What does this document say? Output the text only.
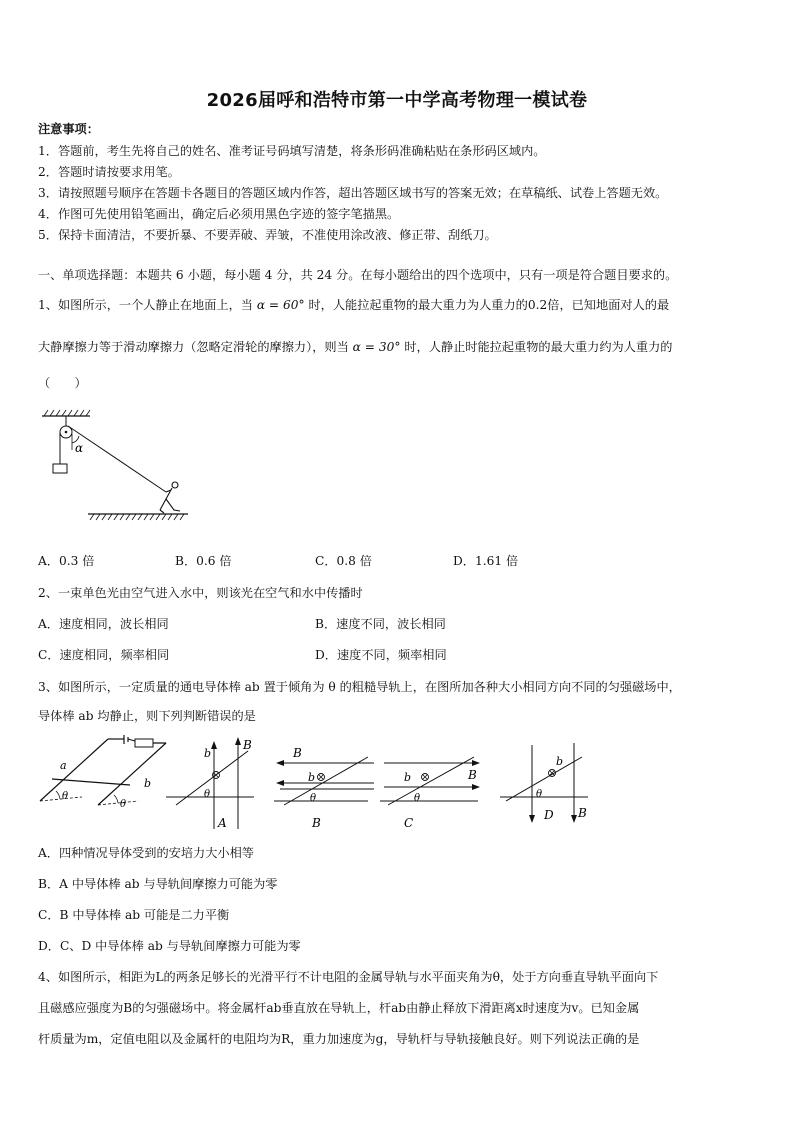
2026届呼和浩特市第一中学高考物理一模试卷
注意事项：
1．答题前，考生先将自己的姓名、准考证号码填写清楚，将条形码准确粘贴在条形码区域内。
2．答题时请按要求用笔。
3．请按照题号顺序在答题卡各题目的答题区域内作答，超出答题区域书写的答案无效；在草稿纸、试卷上答题无效。
4．作图可先使用铅笔画出，确定后必须用黑色字迹的签字笔描黑。
5．保持卡面清洁，不要折暴、不要弄破、弄皱，不准使用涂改液、修正带、刮纸刀。
一、单项选择题：本题共 6 小题，每小题 4 分，共 24 分。在每小题给出的四个选项中，只有一项是符合题目要求的。
1、如图所示，一个人静止在地面上，当 α = 60° 时，人能拉起重物的最大重力为人重力的0.2倍，已知地面对人的最
大静摩擦力等于滑动摩擦力（忽略定滑轮的摩擦力），则当 α = 30° 时，人静止时能拉起重物的最大重力约为人重力的
（　　）
α
A．0.3 倍	B．0.6 倍	C．0.8 倍	D．1.61 倍
2、一束单色光由空气进入水中，则该光在空气和水中传播时
A．速度相同，波长相同	B．速度不同，波长相同
C．速度相同，频率相同	D．速度不同，频率相同
3、如图所示，一定质量的通电导体棒 ab 置于倾角为 θ 的粗糙导轨上，在图所加各种大小相同方向不同的匀强磁场中，
导体棒 ab 均静止，则下列判断错误的是
a
b
θ
θ
b
B
θ
A
B
b
θ
B
b	B
θ
C
b
θ
D B
A．四种情况导体受到的安培力大小相等
B．A 中导体棒 ab 与导轨间摩擦力可能为零
C．B 中导体棒 ab 可能是二力平衡
D．C、D 中导体棒 ab 与导轨间摩擦力可能为零
4、如图所示，相距为L的两条足够长的光滑平行不计电阻的金属导轨与水平面夹角为θ，处于方向垂直导轨平面向下
且磁感应强度为B的匀强磁场中。将金属杆ab垂直放在导轨上，杆ab由静止释放下滑距离x时速度为v。已知金属
杆质量为m，定值电阻以及金属杆的电阻均为R，重力加速度为g，导轨杆与导轨接触良好。则下列说法正确的是
